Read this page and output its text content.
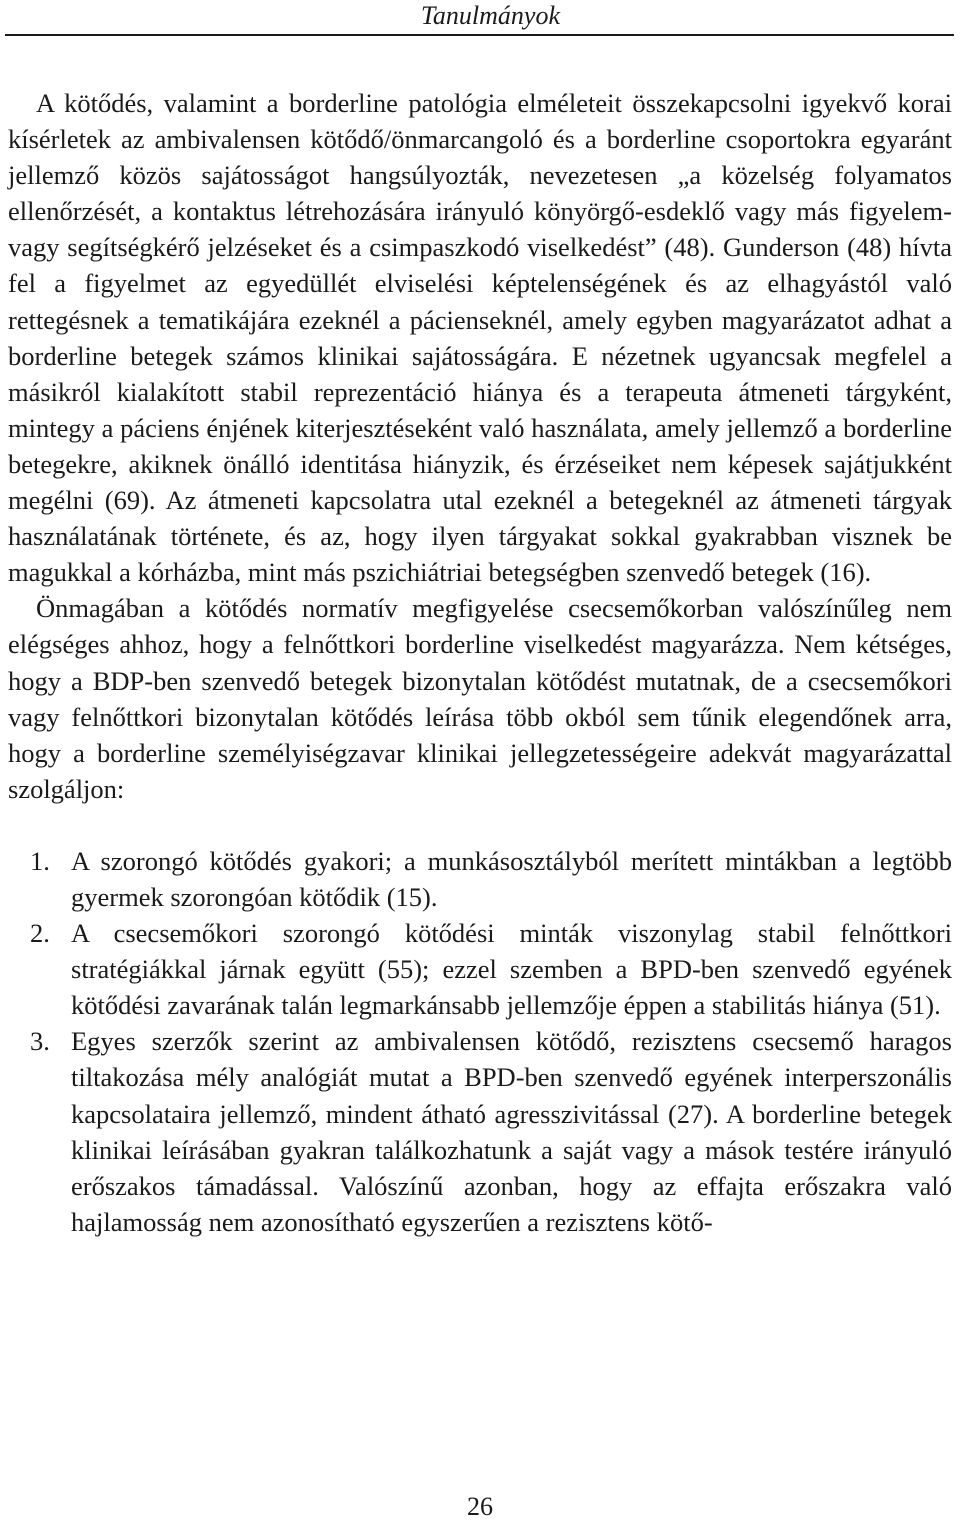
Tanulmányok

A kötődés, valamint a borderline patológia elméleteit összekapcsolni igyekvő korai kísérletek az ambivalensen kötődő/önmarcangoló és a borderline csoportokra egyaránt jellemző közös sajátosságot hangsúlyozták, nevezetesen „a közelség folyamatos ellenőrzését, a kontaktus létrehozására irányuló könyörgő-esdeklő vagy más figyelem- vagy segítségkérő jelzéseket és a csimpaszkodó viselkedést” (48). Gunderson (48) hívta fel a figyelmet az egyedüllét elviselési képtelenségének és az elhagyástól való rettegésnek a tematikájára ezeknél a pácienseknél, amely egyben magyarázatot adhat a borderline betegek számos klinikai sajátosságára. E nézetnek ugyancsak megfelel a másikról kialakított stabil reprezentáció hiánya és a terapeuta átmeneti tárgyként, mintegy a páciens énjének kiterjesztéseként való használata, amely jellemző a borderline betegekre, akiknek önálló identitása hiányzik, és érzéseiket nem képesek sajátjukként megélni (69). Az átmeneti kapcsolatra utal ezeknél a betegeknél az átmeneti tárgyak használatának története, és az, hogy ilyen tárgyakat sokkal gyakrabban visznek be magukkal a kórházba, mint más pszichiátriai betegségben szenvedő betegek (16).

Önmagában a kötődés normatív megfigyelése csecsemőkorban valószínűleg nem elégséges ahhoz, hogy a felnőttkori borderline viselkedést magyarázza. Nem kétséges, hogy a BDP-ben szenvedő betegek bizonytalan kötődést mutatnak, de a csecsemőkori vagy felnőttkori bizonytalan kötődés leírása több okból sem tűnik elegendőnek arra, hogy a borderline személyiségzavar klinikai jellegzetességeire adekvát magyarázattal szolgáljon:

1. A szorongó kötődés gyakori; a munkásosztályból merített mintákban a legtöbb gyermek szorongóan kötődik (15).
2. A csecsemőkori szorongó kötődési minták viszonylag stabil felnőttkori stratégiákkal járnak együtt (55); ezzel szemben a BPD-ben szenvedő egyének kötődési zavarának talán legmarkánsabb jellemzője éppen a stabilitás hiánya (51).
3. Egyes szerzők szerint az ambivalensen kötődő, rezisztens csecsemő haragos tiltakozása mély analógiát mutat a BPD-ben szenvedő egyének interperszonális kapcsolataira jellemző, mindent átható agresszivitással (27). A borderline betegek klinikai leírásában gyakran találkozhatunk a saját vagy a mások testére irányuló erőszakos támadással. Valószínű azonban, hogy az effajta erőszakra való hajlamosság nem azonosítható egyszerűen a rezisztens kötő-
26
